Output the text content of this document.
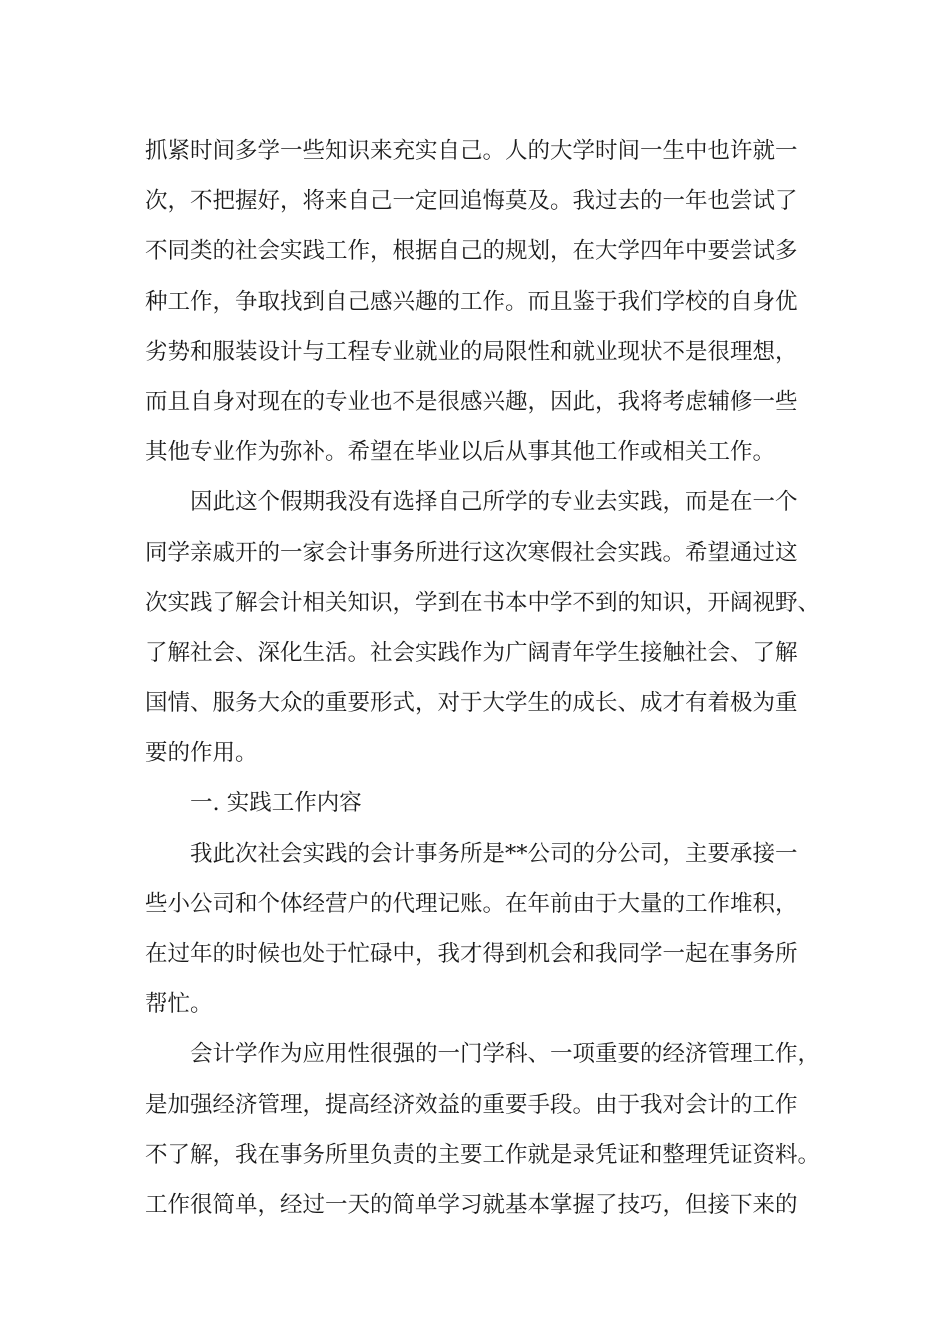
抓紧时间多学一些知识来充实自己。人的大学时间一生中也许就一
次，不把握好，将来自己一定回追悔莫及。我过去的一年也尝试了
不同类的社会实践工作，根据自己的规划，在大学四年中要尝试多
种工作，争取找到自己感兴趣的工作。而且鉴于我们学校的自身优
劣势和服装设计与工程专业就业的局限性和就业现状不是很理想，
而且自身对现在的专业也不是很感兴趣，因此，我将考虑辅修一些
其他专业作为弥补。希望在毕业以后从事其他工作或相关工作。
因此这个假期我没有选择自己所学的专业去实践，而是在一个
同学亲戚开的一家会计事务所进行这次寒假社会实践。希望通过这
次实践了解会计相关知识，学到在书本中学不到的知识，开阔视野、
了解社会、深化生活。社会实践作为广阔青年学生接触社会、了解
国情、服务大众的重要形式，对于大学生的成长、成才有着极为重
要的作用。
一. 实践工作内容
我此次社会实践的会计事务所是**公司的分公司，主要承接一
些小公司和个体经营户的代理记账。在年前由于大量的工作堆积，
在过年的时候也处于忙碌中，我才得到机会和我同学一起在事务所
帮忙。
会计学作为应用性很强的一门学科、一项重要的经济管理工作，
是加强经济管理，提高经济效益的重要手段。由于我对会计的工作
不了解，我在事务所里负责的主要工作就是录凭证和整理凭证资料。
工作很简单，经过一天的简单学习就基本掌握了技巧，但接下来的
